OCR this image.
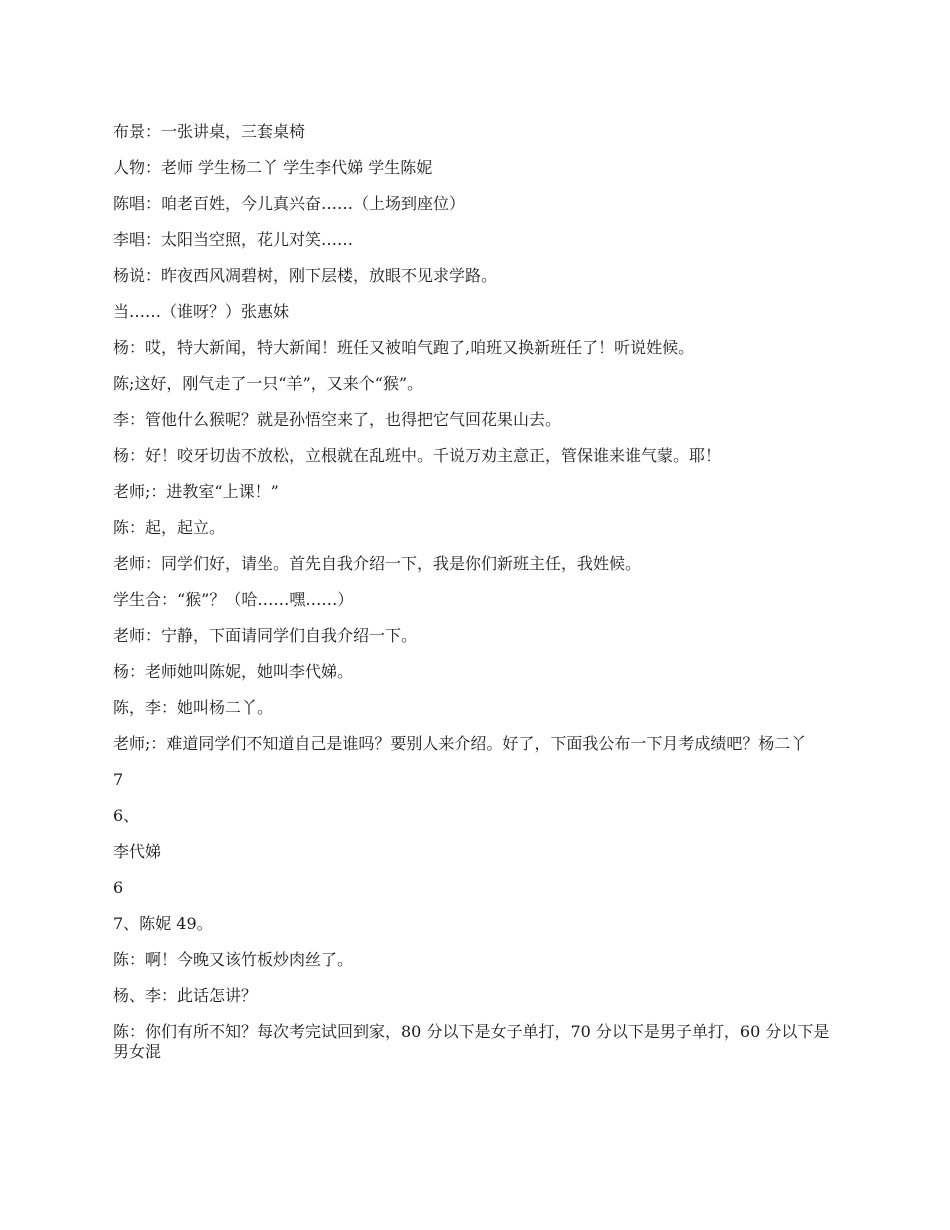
布景：一张讲桌，三套桌椅

人物：老师 学生杨二丫 学生李代娣 学生陈妮

陈唱：咱老百姓，今儿真兴奋……（上场到座位）

李唱：太阳当空照，花儿对笑……

杨说：昨夜西风凋碧树，刚下层楼，放眼不见求学路。

当……（谁呀？）张惠妹

杨：哎，特大新闻，特大新闻！班任又被咱气跑了,咱班又换新班任了！听说姓候。

陈;这好，刚气走了一只“羊”，又来个“猴”。

李：管他什么猴呢？就是孙悟空来了，也得把它气回花果山去。

杨：好！咬牙切齿不放松，立根就在乱班中。千说万劝主意正，管保谁来谁气蒙。耶！

老师;：进教室“上课！”

陈：起，起立。

老师：同学们好，请坐。首先自我介绍一下，我是你们新班主任，我姓候。

学生合：“猴”？（哈……嘿……）

老师：宁静，下面请同学们自我介绍一下。

杨：老师她叫陈妮，她叫李代娣。

陈，李：她叫杨二丫。

老师;：难道同学们不知道自己是谁吗？要别人来介绍。好了，下面我公布一下月考成绩吧？杨二丫

7

6、

李代娣

6

7、陈妮 49。

陈：啊！今晚又该竹板炒肉丝了。

杨、李：此话怎讲？

陈：你们有所不知？每次考完试回到家，80 分以下是女子单打，70 分以下是男子单打，60 分以下是男女混
